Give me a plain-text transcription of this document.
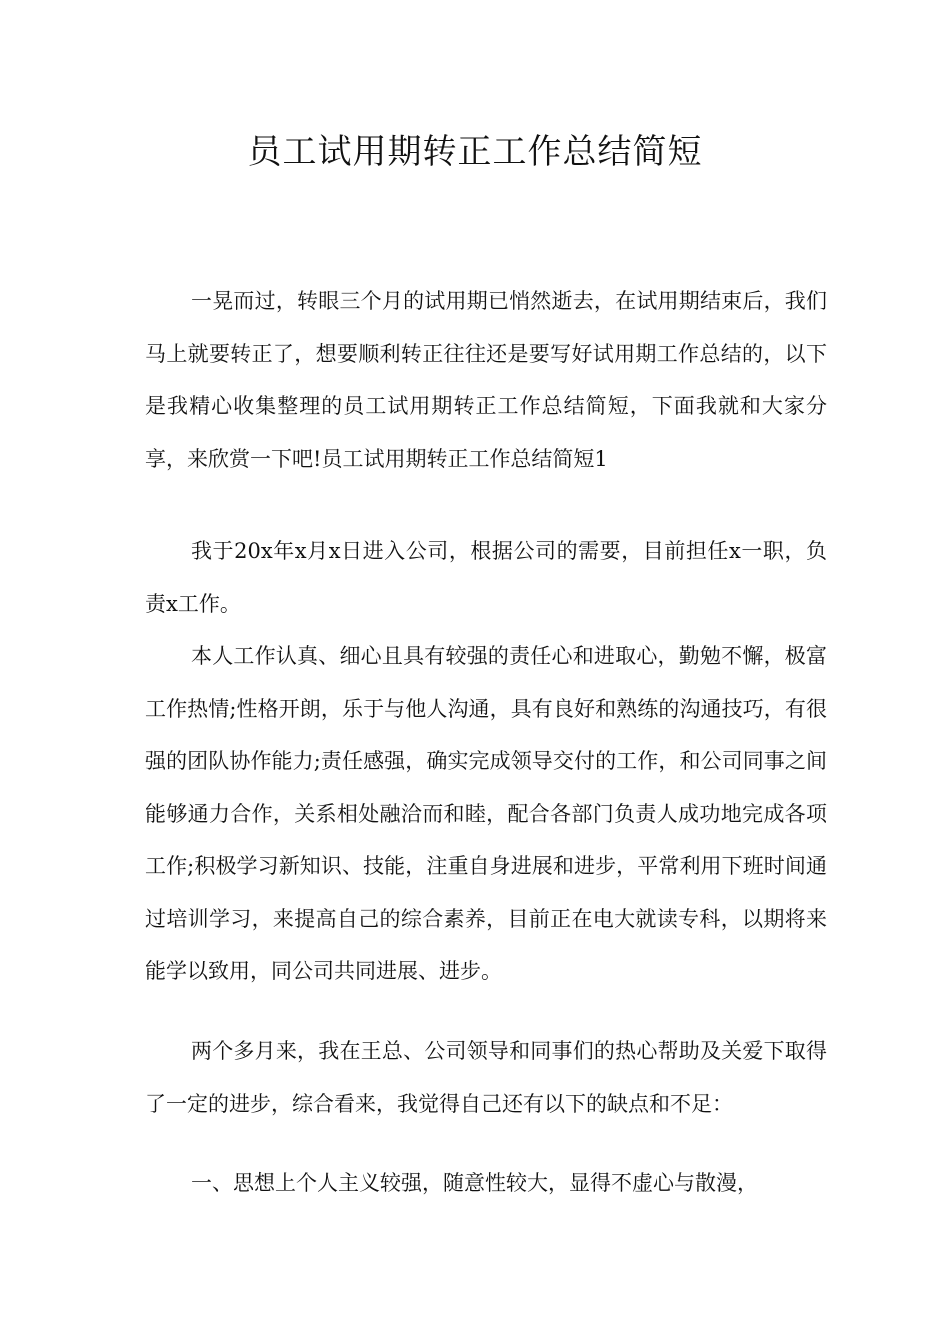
员工试用期转正工作总结简短

一晃而过，转眼三个月的试用期已悄然逝去，在试用期结束后，我们马上就要转正了，想要顺利转正往往还是要写好试用期工作总结的，以下是我精心收集整理的员工试用期转正工作总结简短，下面我就和大家分享，来欣赏一下吧!员工试用期转正工作总结简短1

我于20x年x月x日进入公司，根据公司的需要，目前担任x一职，负责x工作。

本人工作认真、细心且具有较强的责任心和进取心，勤勉不懈，极富工作热情;性格开朗，乐于与他人沟通，具有良好和熟练的沟通技巧，有很强的团队协作能力;责任感强，确实完成领导交付的工作，和公司同事之间能够通力合作，关系相处融洽而和睦，配合各部门负责人成功地完成各项工作;积极学习新知识、技能，注重自身进展和进步，平常利用下班时间通过培训学习，来提高自己的综合素养，目前正在电大就读专科，以期将来能学以致用，同公司共同进展、进步。

两个多月来，我在王总、公司领导和同事们的热心帮助及关爱下取得了一定的进步，综合看来，我觉得自己还有以下的缺点和不足：

一、思想上个人主义较强，随意性较大，显得不虚心与散漫，
